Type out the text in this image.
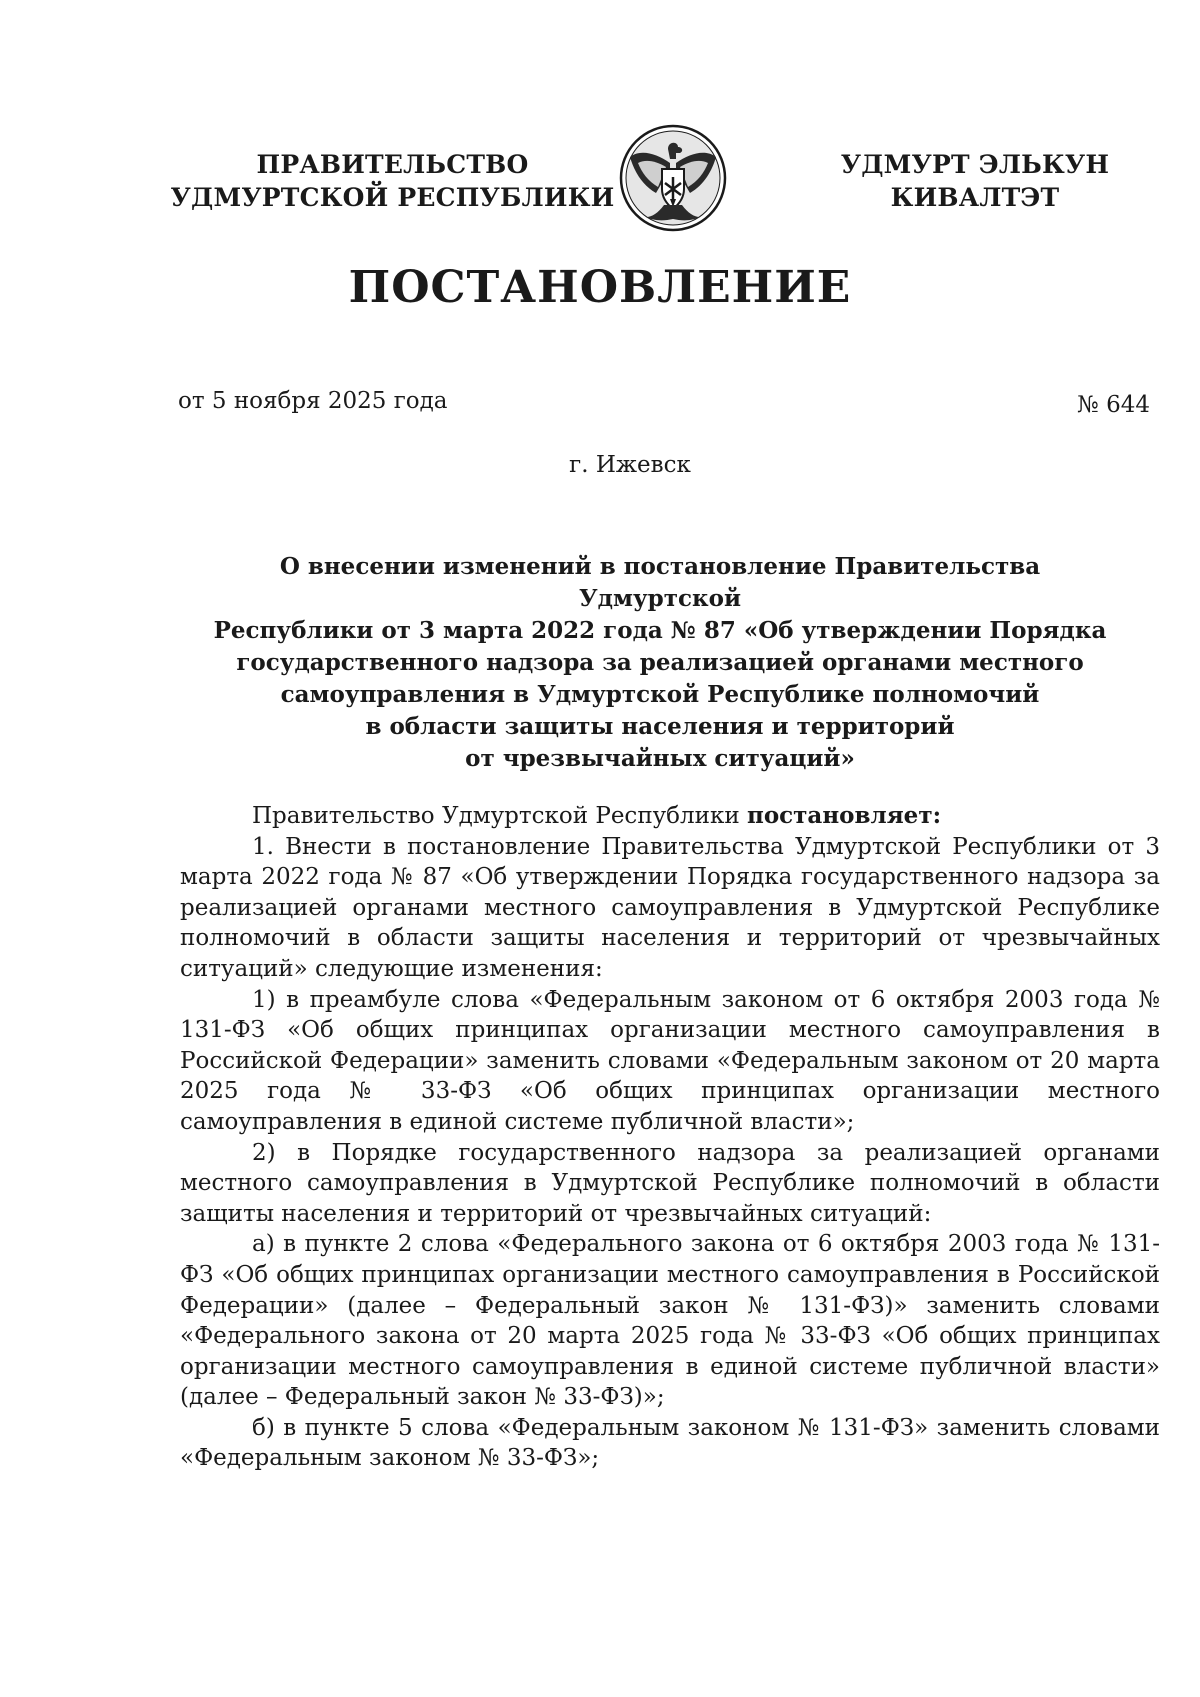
ПРАВИТЕЛЬСТВО
УДМУРТСКОЙ РЕСПУБЛИКИ
УДМУРТ ЭЛЬКУН
КИВАЛТЭТ
ПОСТАНОВЛЕНИЕ
от 5 ноября 2025 года	№ 644
г. Ижевск
О внесении изменений в постановление Правительства Удмуртской
Республики от 3 марта 2022 года № 87 «Об утверждении Порядка
государственного надзора за реализацией органами местного
самоуправления в Удмуртской Республике полномочий
в области защиты населения и территорий
от чрезвычайных ситуаций»

Правительство Удмуртской Республики постановляет:

1. Внести в постановление Правительства Удмуртской Республики от 3 марта 2022 года № 87 «Об утверждении Порядка государственного надзора за реализацией органами местного самоуправления в Удмуртской Республике полномочий в области защиты населения и территорий от чрезвычайных ситуаций» следующие изменения:

1) в преамбуле слова «Федеральным законом от 6 октября 2003 года № 131-ФЗ «Об общих принципах организации местного самоуправления в Российской Федерации» заменить словами «Федеральным законом от 20 марта 2025 года № 33-ФЗ «Об общих принципах организации местного самоуправления в единой системе публичной власти»;

2) в Порядке государственного надзора за реализацией органами местного самоуправления в Удмуртской Республике полномочий в области защиты населения и территорий от чрезвычайных ситуаций:

а) в пункте 2 слова «Федерального закона от 6 октября 2003 года № 131-ФЗ «Об общих принципах организации местного самоуправления в Российской Федерации» (далее – Федеральный закон № 131-ФЗ)» заменить словами «Федерального закона от 20 марта 2025 года № 33-ФЗ «Об общих принципах организации местного самоуправления в единой системе публичной власти» (далее – Федеральный закон № 33-ФЗ)»;

б) в пункте 5 слова «Федеральным законом № 131-ФЗ» заменить словами «Федеральным законом № 33-ФЗ»;
